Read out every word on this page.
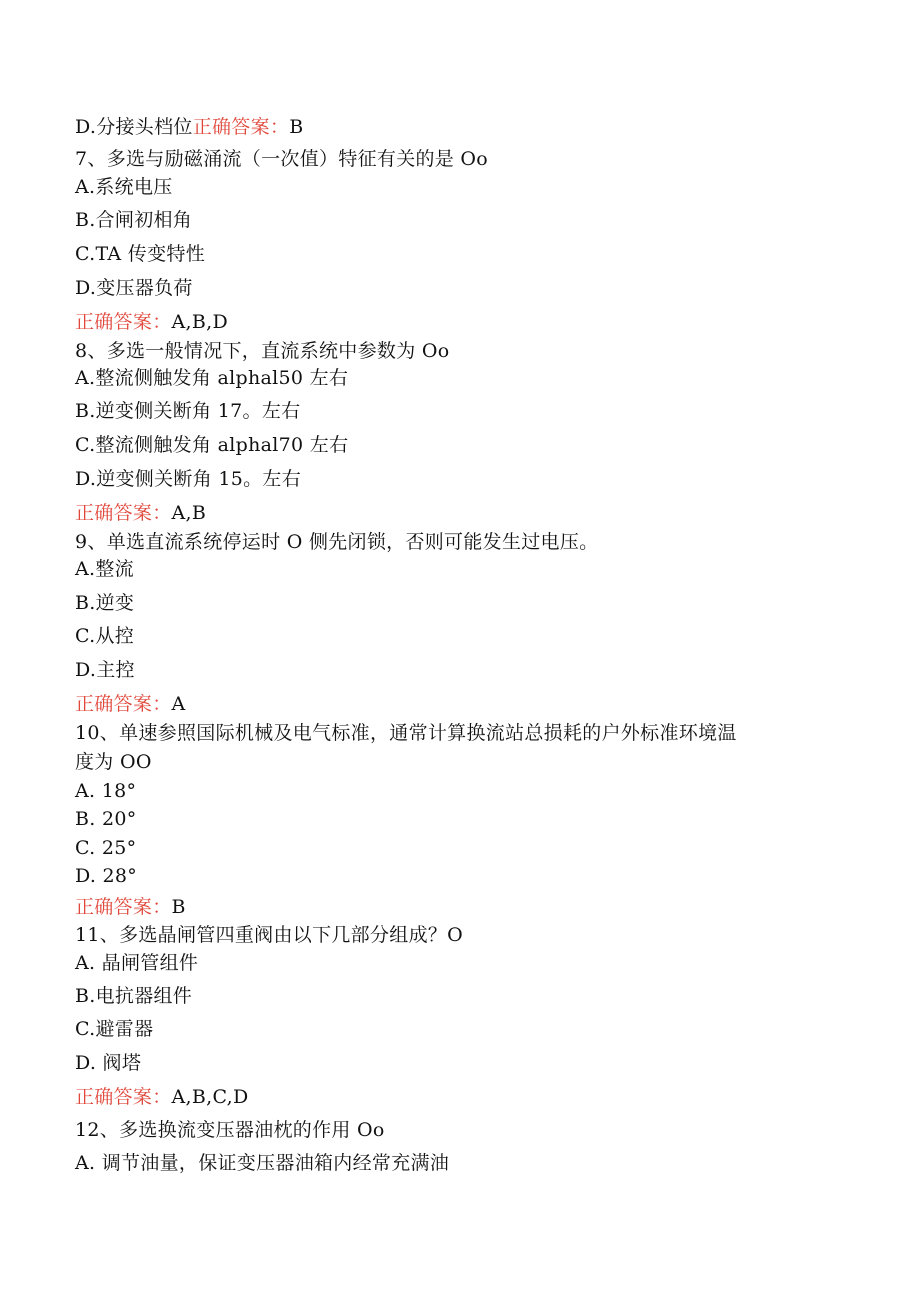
D.分接头档位正确答案：B
7、多选与励磁涌流（一次值）特征有关的是 Oo
A.系统电压
B.合闸初相角
C.TA 传变特性
D.变压器负荷
正确答案：A,B,D
8、多选一般情况下，直流系统中参数为 Oo
A.整流侧触发角 alphal50 左右
B.逆变侧关断角 17。左右
C.整流侧触发角 alphal70 左右
D.逆变侧关断角 15。左右
正确答案：A,B
9、单选直流系统停运时 O 侧先闭锁，否则可能发生过电压。
A.整流
B.逆变
C.从控
D.主控
正确答案：A
10、单速参照国际机械及电气标准，通常计算换流站总损耗的户外标准环境温
度为 OO
A. 18°
B. 20°
C. 25°
D. 28°
正确答案：B
11、多选晶闸管四重阀由以下几部分组成？O
A. 晶闸管组件
B.电抗器组件
C.避雷器
D. 阀塔
正确答案：A,B,C,D
12、多选换流变压器油枕的作用 Oo
A. 调节油量，保证变压器油箱内经常充满油
